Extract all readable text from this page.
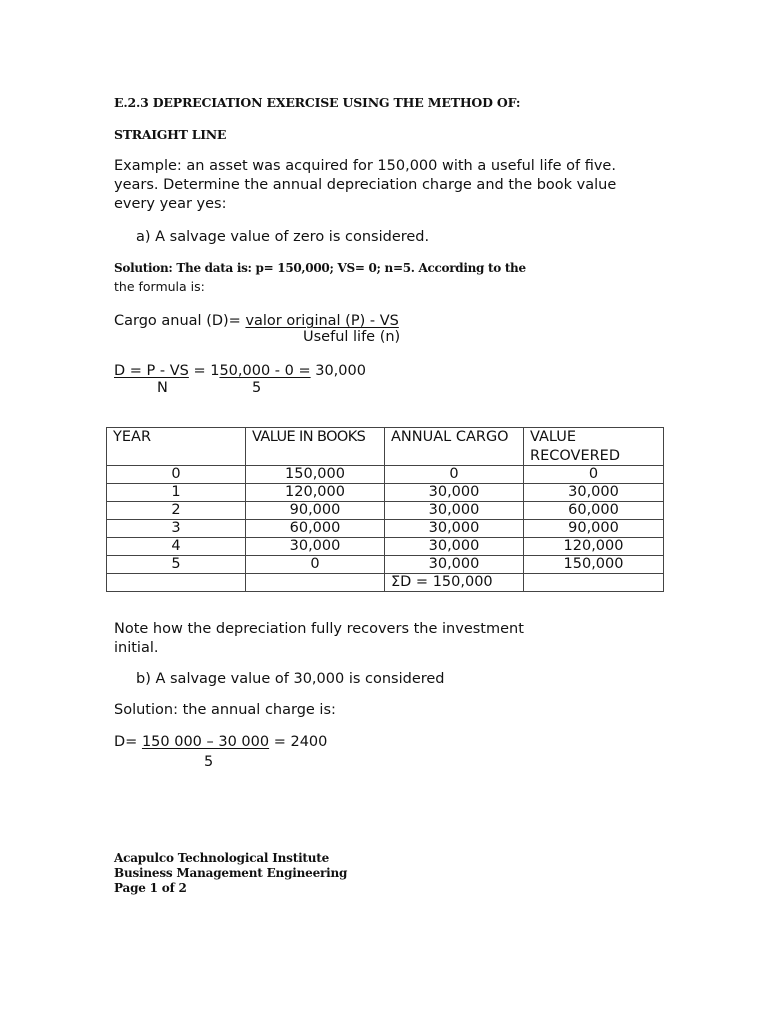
E.2.3 DEPRECIATION EXERCISE USING THE METHOD OF:
STRAIGHT LINE
Example: an asset was acquired for 150,000 with a useful life of five. years. Determine the annual depreciation charge and the book value every year yes:
a) A salvage value of zero is considered.
Solution: The data is: p= 150,000; VS= 0; n=5. According to the
the formula is:
Cargo anual (D)= valor original (P) - VS
Useful life (n)
D = P - VS = 150,000 - 0 = 30,000
N	5
YEAR	VALUE IN BOOKS	ANNUAL CARGO	VALUE RECOVERED
0	150,000	0	0
1	120,000	30,000	30,000
2	90,000	30,000	60,000
3	60,000	30,000	90,000
4	30,000	30,000	120,000
5	0	30,000	150,000
		ΣD = 150,000	
Note how the depreciation fully recovers the investment initial.
b) A salvage value of 30,000 is considered
Solution: the annual charge is:
D= 150 000 – 30 000 = 2400
5
Acapulco Technological Institute
Business Management Engineering
Page 1 of 2
